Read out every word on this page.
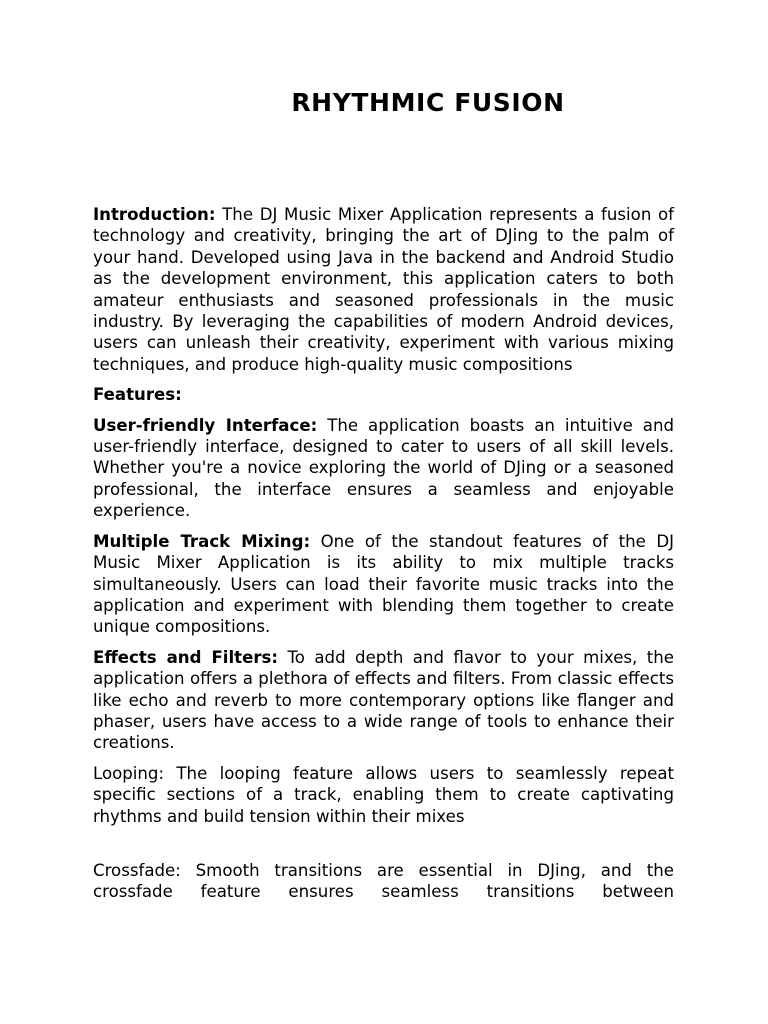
RHYTHMIC FUSION

Introduction: The DJ Music Mixer Application represents a fusion of technology and creativity, bringing the art of DJing to the palm of your hand. Developed using Java in the backend and Android Studio as the development environment, this application caters to both amateur enthusiasts and seasoned professionals in the music industry. By leveraging the capabilities of modern Android devices, users can unleash their creativity, experiment with various mixing techniques, and produce high-quality music compositions

Features:

User-friendly Interface: The application boasts an intuitive and user-friendly interface, designed to cater to users of all skill levels. Whether you're a novice exploring the world of DJing or a seasoned professional, the interface ensures a seamless and enjoyable experience.

Multiple Track Mixing: One of the standout features of the DJ Music Mixer Application is its ability to mix multiple tracks simultaneously. Users can load their favorite music tracks into the application and experiment with blending them together to create unique compositions.

Effects and Filters: To add depth and flavor to your mixes, the application offers a plethora of effects and filters. From classic effects like echo and reverb to more contemporary options like flanger and phaser, users have access to a wide range of tools to enhance their creations.

Looping: The looping feature allows users to seamlessly repeat specific sections of a track, enabling them to create captivating rhythms and build tension within their mixes

Crossfade: Smooth transitions are essential in DJing, and the crossfade feature ensures seamless transitions between
